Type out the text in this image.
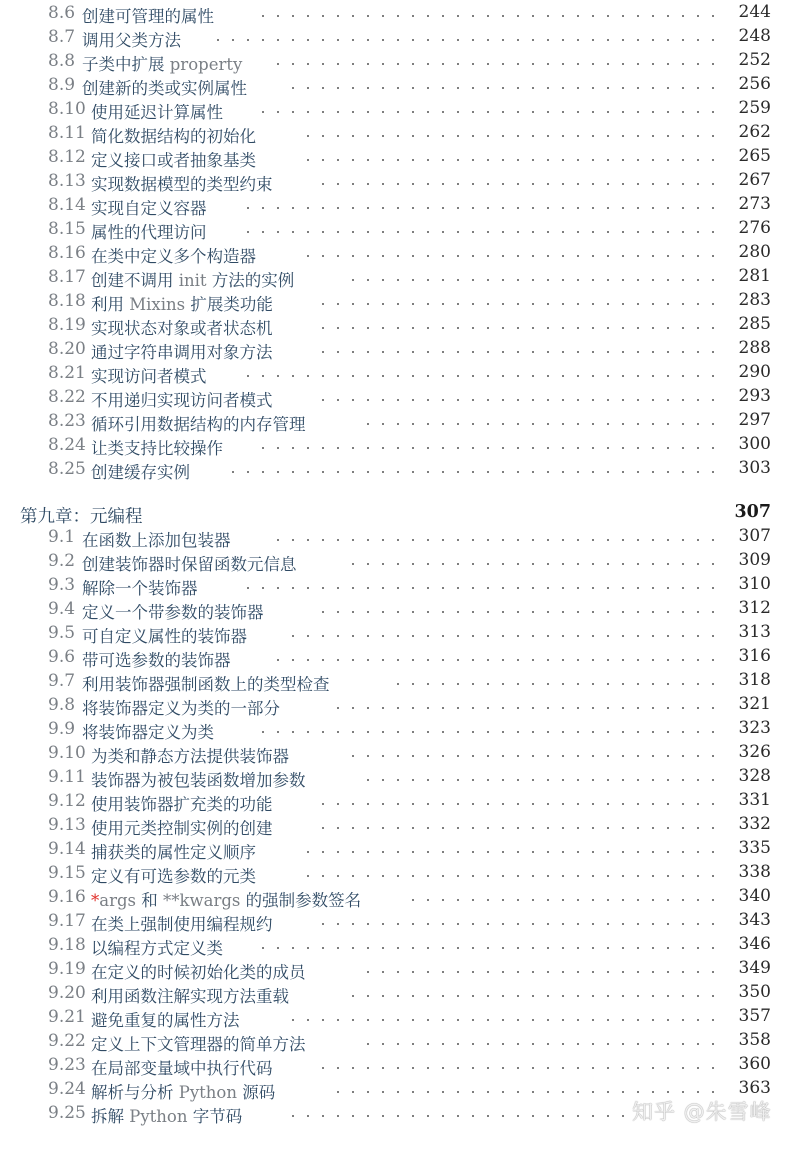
8.6 创建可管理的属性	244
8.7 调用父类方法	248
8.8 子类中扩展 property	252
8.9 创建新的类或实例属性	256
8.10 使用延迟计算属性	259
8.11 简化数据结构的初始化	262
8.12 定义接口或者抽象基类	265
8.13 实现数据模型的类型约束	267
8.14 实现自定义容器	273
8.15 属性的代理访问	276
8.16 在类中定义多个构造器	280
8.17 创建不调用 init 方法的实例	281
8.18 利用 Mixins 扩展类功能	283
8.19 实现状态对象或者状态机	285
8.20 通过字符串调用对象方法	288
8.21 实现访问者模式	290
8.22 不用递归实现访问者模式	293
8.23 循环引用数据结构的内存管理	297
8.24 让类支持比较操作	300
8.25 创建缓存实例	303
第九章：元编程	307
9.1 在函数上添加包装器	307
9.2 创建装饰器时保留函数元信息	309
9.3 解除一个装饰器	310
9.4 定义一个带参数的装饰器	312
9.5 可自定义属性的装饰器	313
9.6 带可选参数的装饰器	316
9.7 利用装饰器强制函数上的类型检查	318
9.8 将装饰器定义为类的一部分	321
9.9 将装饰器定义为类	323
9.10 为类和静态方法提供装饰器	326
9.11 装饰器为被包装函数增加参数	328
9.12 使用装饰器扩充类的功能	331
9.13 使用元类控制实例的创建	332
9.14 捕获类的属性定义顺序	335
9.15 定义有可选参数的元类	338
9.16 *args 和 **kwargs 的强制参数签名	340
9.17 在类上强制使用编程规约	343
9.18 以编程方式定义类	346
9.19 在定义的时候初始化类的成员	349
9.20 利用函数注解实现方法重载	350
9.21 避免重复的属性方法	357
9.22 定义上下文管理器的简单方法	358
9.23 在局部变量域中执行代码	360
9.24 解析与分析 Python 源码	363
9.25 拆解 Python 字节码	知乎 @朱雪峰
